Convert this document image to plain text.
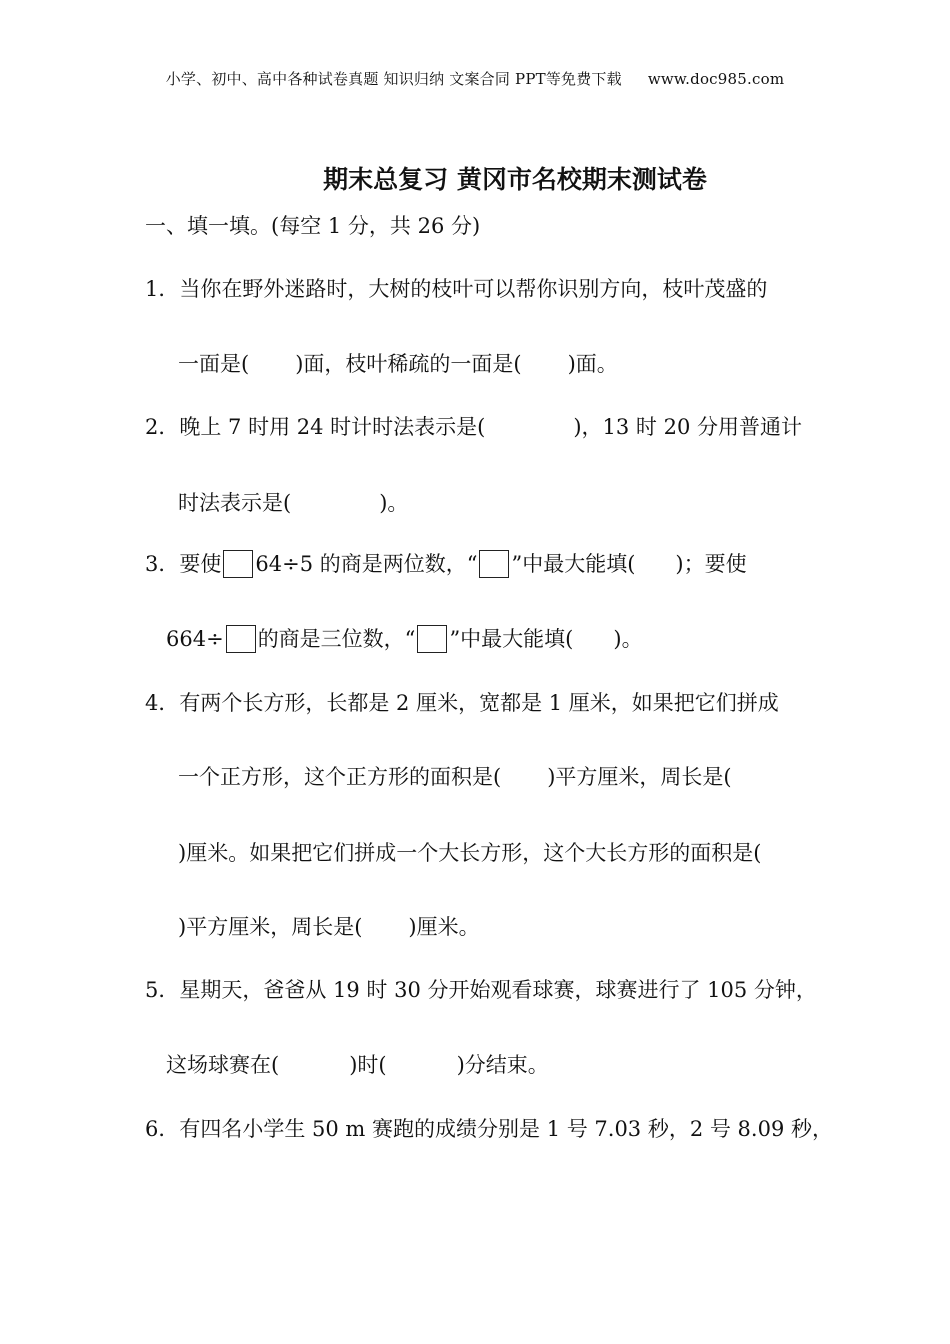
小学、初中、高中各种试卷真题 知识归纳 文案合同 PPT等免费下载 www.doc985.com
期末总复习 黄冈市名校期末测试卷
一、填一填。(每空 1 分，共 26 分)
1．当你在野外迷路时，大树的枝叶可以帮你识别方向，枝叶茂盛的
一面是( )面，枝叶稀疏的一面是( )面。
2．晚上 7 时用 24 时计时法表示是(	)，13 时 20 分用普通计
时法表示是(	)。
3．要使 64÷5 的商是两位数，“ ”中最大能填( )；要使
664÷ 的商是三位数，“ ”中最大能填( )。
4．有两个长方形，长都是 2 厘米，宽都是 1 厘米，如果把它们拼成
一个正方形，这个正方形的面积是( )平方厘米，周长是(
)厘米。如果把它们拼成一个大长方形，这个大长方形的面积是(
)平方厘米，周长是( )厘米。
5．星期天，爸爸从 19 时 30 分开始观看球赛，球赛进行了 105 分钟，
这场球赛在(	)时(	)分结束。
6．有四名小学生 50 m 赛跑的成绩分别是 1 号 7.03 秒，2 号 8.09 秒，
